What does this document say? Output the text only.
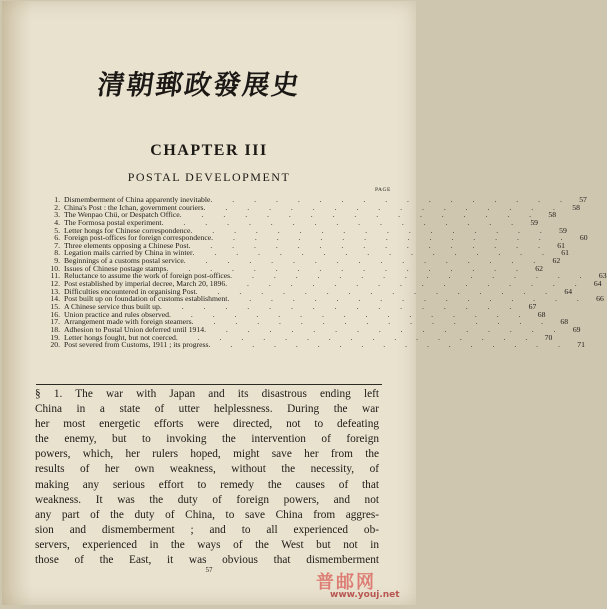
清朝郵政發展史
CHAPTER III
POSTAL DEVELOPMENT
PAGE
1. Dismemberment of China apparently inevitable . . . . . . . . . . . . . . . . .	57
2. China's Post : the Ichan, government couriers . . . . . . . . . . . . . . . . .	58
3. The Wenpao Chü, or Despatch Office . . . . . . . . . . . . . . . . .	58
4. The Formosa postal experiment . . . . . . . . . . . . . . . . .	59
5. Letter hongs for Chinese correspondence . . . . . . . . . . . . . . . . .	59
6. Foreign post-offices for foreign correspondence . . . . . . . . . . . . . . . . .	60
7. Three elements opposing a Chinese Post . . . . . . . . . . . . . . . . .	61
8. Legation mails carried by China in winter . . . . . . . . . . . . . . . . .	61
9. Beginnings of a customs postal service . . . . . . . . . . . . . . . . .	62
10. Issues of Chinese postage stamps . . . . . . . . . . . . . . . . .	62
11. Reluctance to assume the work of foreign post-offices . . . . . . . . . . . . . . . . .	63
12. Post established by imperial decree, March 20, 1896 . . . . . . . . . . . . . . . . .	64
13. Difficulties encountered in organising Post . . . . . . . . . . . . . . . . .	64
14. Post built up on foundation of customs establishment . . . . . . . . . . . . . . . . .	66
15. A Chinese service thus built up . . . . . . . . . . . . . . . . .	67
16. Union practice and rules observed . . . . . . . . . . . . . . . . .	68
17. Arrangement made with foreign steamers . . . . . . . . . . . . . . . . .	68
18. Adhesion to Postal Union deferred until 1914 . . . . . . . . . . . . . . . . .	69
19. Letter hongs fought, but not coerced . . . . . . . . . . . . . . . . .	70
20. Post severed from Customs, 1911 ; its progress . . . . . . . . . . . . . . . . .	71
§ 1. The war with Japan and its disastrous ending left
China in a state of utter helplessness. During the war
her most energetic efforts were directed, not to defeating
the enemy, but to invoking the intervention of foreign
powers, which, her rulers hoped, might save her from the
results of her own weakness, without the necessity, of
making any serious effort to remedy the causes of that
weakness. It was the duty of foreign powers, and not
any part of the duty of China, to save China from aggres-
sion and dismemberment ; and to all experienced ob-
servers, experienced in the ways of the West but not in
those of the East, it was obvious that dismemberment
57
普邮网
www.youj.net
